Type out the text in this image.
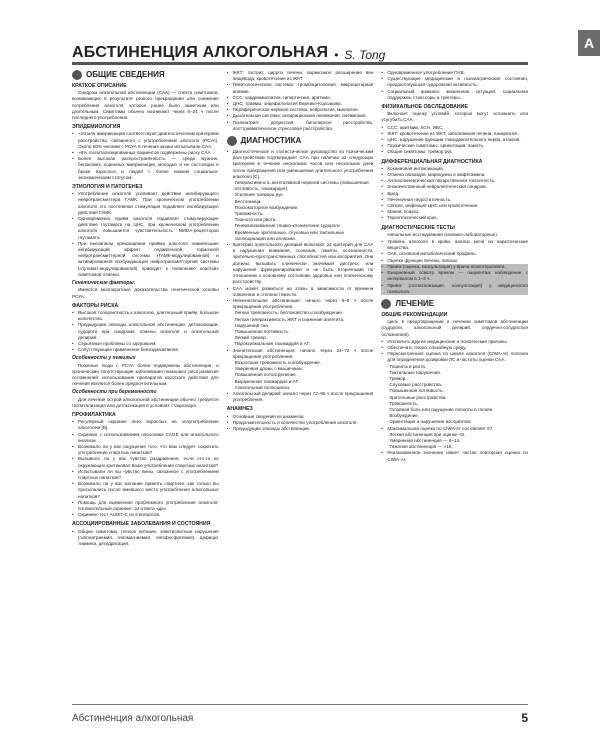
A
АБСТИНЕНЦИЯ АЛКОГОЛЬНАЯ • S. Tong
ОБЩИЕ СВЕДЕНИЯ
КРАТКОЕ ОПИСАНИЕ
Синдром алкогольной абстиненции (САА) — спектр симптомов, возникающих в результате резкого прекращения или снижения потребления алкоголя, которое ранее было заметным или длительным. Симптомы обычно возникают через 6–24 ч после последнего употребления.
ЭПИДЕМИОЛОГИЯ
• ~18 млн американцев соответствуют диагностическим критериям расстройства, связанного с употреблением алкоголя (РСУА). Около 50% человек с РСУА в течение жизни испытывали САА.
• ~8% госпитализированных пациентов подвержены риску САА.
• Более высокая распространённость — среди мужчин, белокожих, коренных американцев, молодых и не состоящих в браке взрослых и людей с более низким социально-экономическим статусом.
ЭТИОЛОГИЯ И ПАТОГЕНЕЗ
• Употребление алкоголя усиливает действие ингибирующего нейротрансмиттера ГАМК. При хроническом употреблении алкоголя это постоянная стимуляция подавляет ингибирующее действие ГАМК.
• Одновременно приём алкоголя подавляет стимулирующее действие глутамата на ЦНС, при хроническом употреблении алкоголя повышается чувствительность NMDA-рецепторов глутамата.
• При внезапном прекращении приёма алкоголя наименьшие ингибирующий эффект подавленной тормозной нейротрансмиттерной системы (ГАМК-модулированной) и активированной возбуждающей нейротрансмиттерной системы (глутамат-модулированной) приводят к появлению коротких симптомов отмены.
Генетические факторы:
Имеются многократные доказательства генетической основы РСУА.
ФАКТОРЫ РИСКА
• Высокая толерантность к алкоголю, длительный приём, большое количество.
• Предыдущие эпизоды алкогольной абстиненции, детоксикации, судороги при синдроме отмены алкоголя и алкогольный делирий.
• Серьёзные проблемы со здоровьем.
• Сопутствующее применение бензодиазепинов.
Особенности у пожилых
Пожилые люди с РСУА более подвержены абстиненции, а хронические сопутствующие заболевания повышают риск развития осложнений; использование препаратов короткого действия для лечения является более предпочтительным.
Особенности при беременности
Для лечения острой алкогольной абстиненции обычно требуется госпитализация или детоксикация в условиях стационара.
ПРОФИЛАКТИКА
• Регулярный скрининг всех взрослых на злоупотребление алкоголем [B].
• Скрининг с использованием опросника CAGE или алкогольного анализа.
• Возникало ли у вас ощущение того, что вам следует сократить употребление спиртных напитков?
• Вызывало ли у вас чувство раздражения, если кто-то из окружающих критиковал ваше употребление спиртных напитков?
• Испытывали ли вы чувство вины, связанное с употреблением спиртных напитков?
• Возникало ли у вас желание принять спиртное, как только вы просыпались после имевшего место употребления алкогольных напитков?
• Помощь для выявления проблемного употребления алкоголя; положительный скрининг: ≥2 ответа «да».
• Скрининг-тест AUDIT-C из 3 вопросов.
АССОЦИИРОВАННЫЕ ЗАБОЛЕВАНИЯ И СОСТОЯНИЯ
• Общие симптомы, плохое питание, электролитные нарушения (гипонатриемия, гипомагниемия, гипофосфатемия), дефицит тиамина, дегидратация.
• ЖКТ: гастрит, цирроз печени, варикозное расширение вен пищевода, кровотечение из ЖКТ.
• Гематологическая система: тромбоцитопения, макроцитарная анемия.
• ССС: кардиомиопатия, гипертензия, аритмии.
• ЦНС: травмы, энцефалопатия Вернике-Корсакова.
• Периферическая нервная система: нейропатия, миопатия.
• Дыхательная система: аспирационная пневмония, пневмония.
• Психиатрия: депрессия, биполярное расстройство, посттравматическое стрессовое расстройство.
ДИАГНОСТИКА
• Диагностическое и статистическое руководство по психическим расстройствам подтверждает САА при наличии ≥2 следующих критериев в течение нескольких часов или нескольких дней после прекращения или уменьшения длительного употребления алкоголя [C].
Гиперактивность вегетативной нервной системы (повышенная потливость, тахикардия).
Усиление тремора рук.
Бессонница.
Психомоторное возбуждение.
Тревожность.
Тошнота или рвота.
Генерализованные тонико-клонические судороги.
Временные зрительные, слуховые или тактильные галлюцинации или иллюзии.
• Критерии алкогольного делирия включают ≥2 критерия для САА и нарушения внимания, сознания, памяти, осознанности, зрительно-пространственных способностей или восприятия. Они должны вызывать клинически значимый дистресс или нарушения функционирования и не быть вторичными по отношению к основному состоянию здоровья или психическому расстройству.
• САА может развиться на этапы в зависимости от времени появления и степени тяжести.
• Незначительная абстиненция: начало через 6–8 ч после прекращения употребления.
Легкая тревожность, беспокойство и возбуждение.
Легкая гиперактивность ЖКТ и снижение аппетита.
Нарушения сна.
Повышенная потливость.
Легкий тремор.
Пароксизмальная тахикардия и АГ.
• Значительная абстиненция: начало через 24–72 ч после прекращения употребления.
Возросшая тревожность и возбуждение.
Умеренная дрожь с мышечным.
Повышенная потоотделение.
Выраженная тахикардия и АГ.
Алкогольный галлюциноз.
• Алкогольный делирий: начало через 72–96 ч после прекращения употребления.
АНАМНЕЗ
• Основные сведения из анамнеза.
• Продолжительность и количество употребления алкоголя.
• Предыдущие эпизоды абстиненции.
• Одновременное употребление ПАВ.
• Существующие медицинские и психиатрические состояния, предшествующая судорожная активность.
• Социальный анамнез: жизненная ситуация, социальная поддержка, стрессоры и триггеры.
ФИЗИКАЛЬНОЕ ОБСЛЕДОВАНИЕ
Включает оценку условий, которые могут осложнить или усугубить САА.
• ССС: аритмии, ХСН, ИБС.
• ЖКТ: кровотечение из ЖКТ, заболевания печени, панкреатит.
• ЦНС: нарушение функции глазодвигательного нерва, атаксия.
• Психические симптомы: ориентация, память.
• Общие симптомы: тремор рук.
ДИФФЕРЕНЦИАЛЬНАЯ ДИАГНОСТИКА
• Кокаиновая интоксикация.
• Отмена опиоидов, марихуаны и амфетамина.
• Антихолинергическая лекарственная токсичность.
• Злокачественный нейролептический синдром.
• Бред.
• Печеночная недостаточность.
• Сепсис, инфекция ЦНС или кровотечение.
• Мания, психоз.
• Тиреотоксический криз.
ДИАГНОСТИЧЕСКИЕ ТЕСТЫ
Начальные исследования (клинико-лабораторные).
• Уровень алкоголя в крови, анализ мочи на наркотические вещества.
• ОАК, основной метаболический профиль.
• Оценки функции печени, липазы.
• Приём (оценка, консультация) у врача-психотерапевта.
• Ежедневный осмотр врачом — пациентам наблюдение с интервалом в 1–2 ч.
• Приём (госпитализация, консультация) у медицинского психолога.
ЛЕЧЕНИЕ
ОБЩИЕ РЕКОМЕНДАЦИИ
Цель в предотвращении и лечении симптомов абстиненции (судороги, алкогольный делирий, сердечно-сосудистые осложнения).
• Исключить другие медицинские и психические причины.
• Обеспечить тихую, спокойную среду.
• Пересмотренная оценка по шкале алкоголя (CIWA-Ar) полезна для определения дозировки ЛС и частоты оценки САА.
Тошнота и рвота.
Тактильные нарушения.
Тремор.
Слуховые расстройства.
Повышенная потливость.
Зрительные расстройства.
Тревожность.
Головная боль или ощущение полноты в голове.
Возбуждение.
Ориентация и нарушение восприятия.
• Максимальная оценка по CIWA-Ar составляет 67.
Легкая абстиненция при оценке <8.
Умеренная абстиненция — 8–14.
Тяжелая абстиненция — >15.
• Реализованное значение имеет частая повторная оценка по CIWA-Ar.
Абстиненция алкогольная	5
